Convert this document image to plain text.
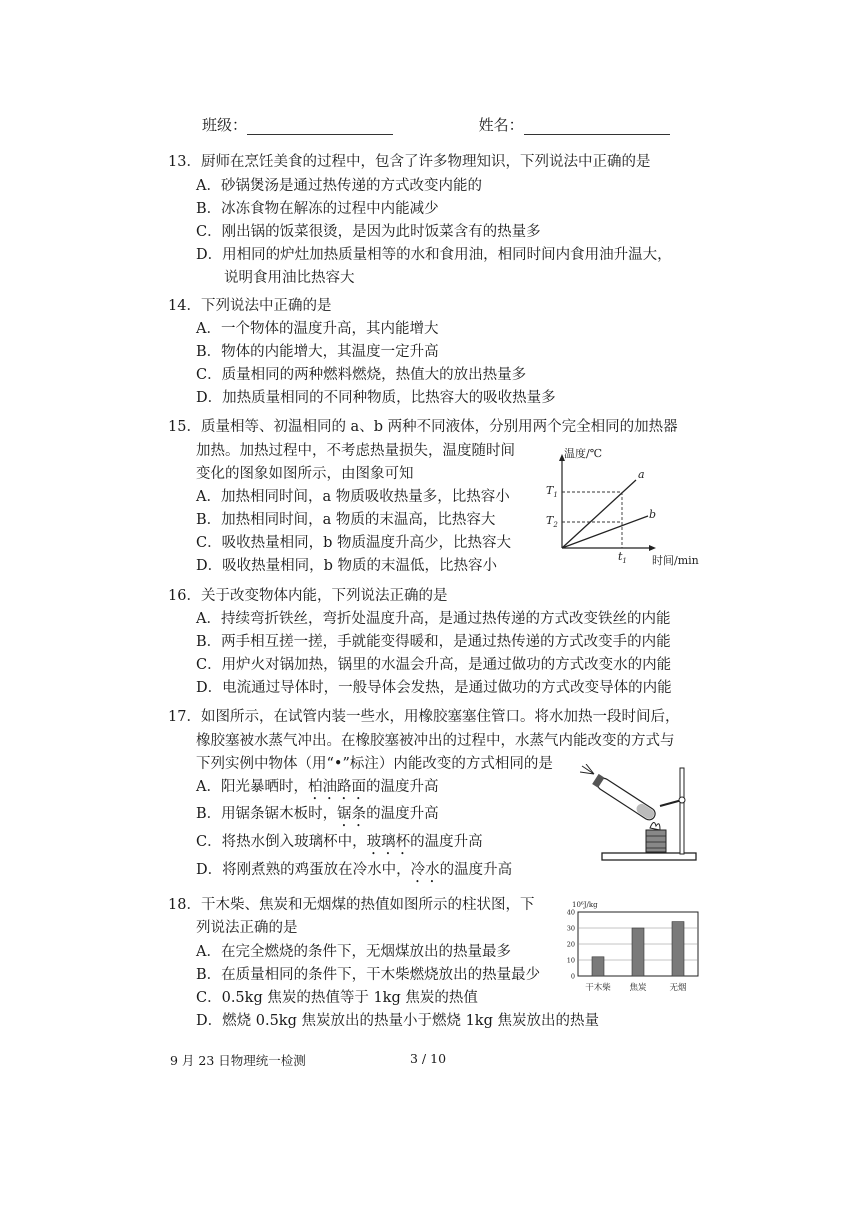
班级：	姓名：
13．厨师在烹饪美食的过程中，包含了许多物理知识，下列说法中正确的是
A．砂锅煲汤是通过热传递的方式改变内能的
B．冰冻食物在解冻的过程中内能减少
C．刚出锅的饭菜很烫，是因为此时饭菜含有的热量多
D．用相同的炉灶加热质量相等的水和食用油，相同时间内食用油升温大，
说明食用油比热容大
14．下列说法中正确的是
A．一个物体的温度升高，其内能增大
B．物体的内能增大，其温度一定升高
C．质量相同的两种燃料燃烧，热值大的放出热量多
D．加热质量相同的不同种物质，比热容大的吸收热量多
15．质量相等、初温相同的 a、b 两种不同液体，分别用两个完全相同的加热器
加热。加热过程中，不考虑热量损失，温度随时间
变化的图象如图所示，由图象可知
A．加热相同时间，a 物质吸收热量多，比热容小
B．加热相同时间，a 物质的末温高，比热容大
C．吸收热量相同，b 物质温度升高少，比热容大
D．吸收热量相同，b 物质的末温低，比热容小
温度/℃
时间/min
a
b
$T_1$
$T_2$
$t_1$
16．关于改变物体内能，下列说法正确的是
A．持续弯折铁丝，弯折处温度升高，是通过热传递的方式改变铁丝的内能
B．两手相互搓一搓，手就能变得暖和，是通过热传递的方式改变手的内能
C．用炉火对锅加热，锅里的水温会升高，是通过做功的方式改变水的内能
D．电流通过导体时，一般导体会发热，是通过做功的方式改变导体的内能
17．如图所示，在试管内装一些水，用橡胶塞塞住管口。将水加热一段时间后，
橡胶塞被水蒸气冲出。在橡胶塞被冲出的过程中，水蒸气内能改变的方式与
下列实例中物体（用“•”标注）内能改变的方式相同的是
A．阳光暴晒时，柏油路面的温度升高
B．用锯条锯木板时，锯条的温度升高
C．将热水倒入玻璃杯中，玻璃杯的温度升高
D．将刚煮熟的鸡蛋放在冷水中，冷水的温度升高
18．干木柴、焦炭和无烟煤的热值如图所示的柱状图，下
列说法正确的是
A．在完全燃烧的条件下，无烟煤放出的热量最多
B．在质量相同的条件下，干木柴燃烧放出的热量最少
C．0.5kg 焦炭的热值等于 1kg 焦炭的热值
D．燃烧 0.5kg 焦炭放出的热量小于燃烧 1kg 焦炭放出的热量
10⁶J/kg
0
10
20
30
40
干木柴 焦炭	无烟
9 月 23 日物理统一检测	3 / 10
